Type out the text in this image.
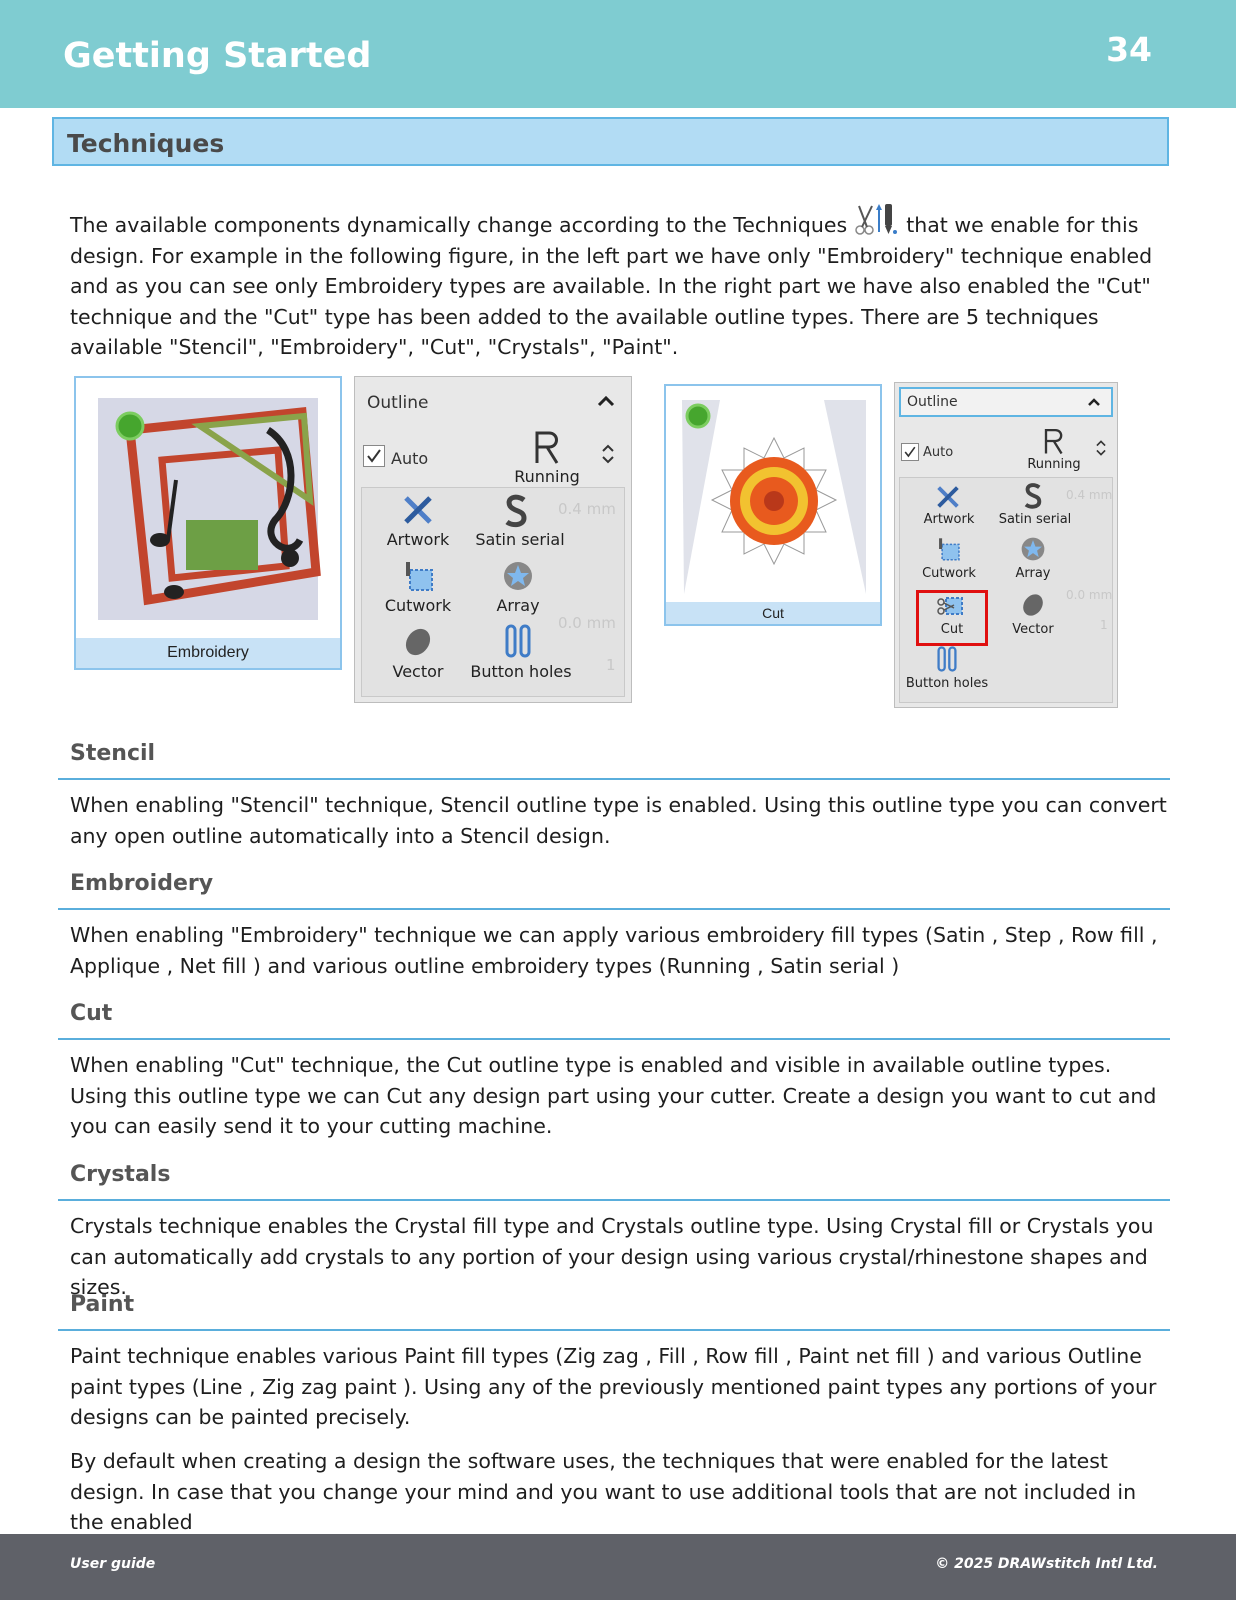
Getting Started	34
Techniques

The available components dynamically change according to the Techniques	that we enable for this design. For example in the following figure, in the left part we have only "Embroidery" technique enabled and as you can see only Embroidery types are available. In the right part we have also enabled the "Cut" technique and the "Cut" type has been added to the available outline types. There are 5 techniques available "Stencil", "Embroidery", "Cut", "Crystals", "Paint".

Embroidery
Outline
Auto
Running
0.4 mm
0.0 mm
1
Artwork	Satin serial
Cutwork	Array
Vector	Button holes
Cut
Outline
Auto
Running
0.4 mm
0.0 mm
1
Artwork	Satin serial
Cutwork	Array
Cut	Vector
Button holes
Stencil

When enabling "Stencil" technique, Stencil outline type is enabled. Using this outline type you can convert any open outline automatically into a Stencil design.

Embroidery

When enabling "Embroidery" technique we can apply various embroidery fill types (Satin , Step , Row fill , Applique , Net fill ) and various outline embroidery types (Running , Satin serial )

Cut

When enabling "Cut" technique, the Cut outline type is enabled and visible in available outline types. Using this outline type we can Cut any design part using your cutter. Create a design you want to cut and you can easily send it to your cutting machine.

Crystals

Crystals technique enables the Crystal fill type and Crystals outline type. Using Crystal fill or Crystals you can automatically add crystals to any portion of your design using various crystal/rhinestone shapes and sizes.

Paint

Paint technique enables various Paint fill types (Zig zag , Fill , Row fill , Paint net fill ) and various Outline paint types (Line , Zig zag paint ). Using any of the previously mentioned paint types any portions of your designs can be painted precisely.

By default when creating a design the software uses, the techniques that were enabled for the latest design. In case that you change your mind and you want to use additional tools that are not included in the enabled

User guide	© 2025 DRAWstitch Intl Ltd.
